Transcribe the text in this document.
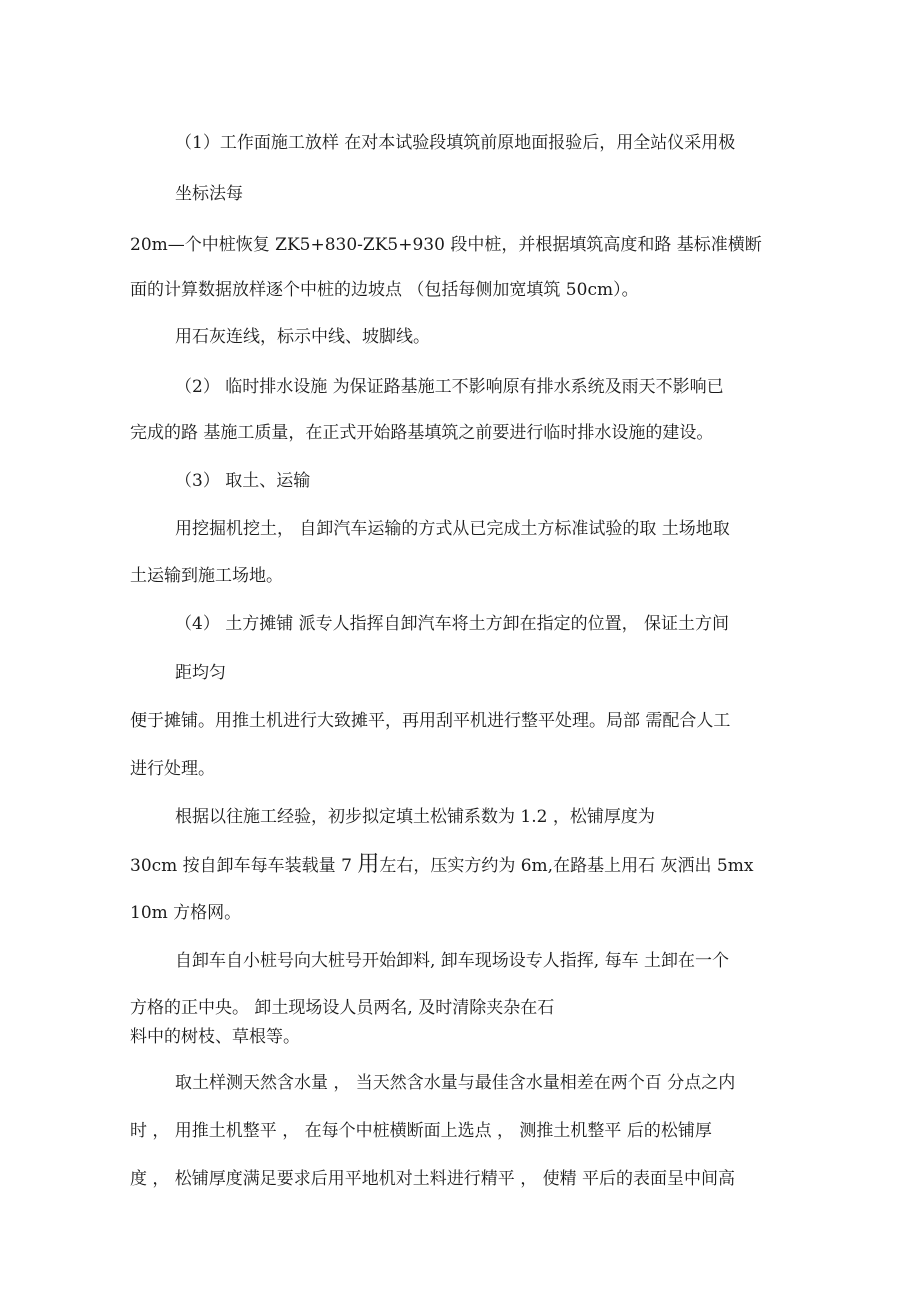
（1）工作面施工放样 在对本试验段填筑前原地面报验后，用全站仪采用极
坐标法每
20m—个中桩恢复 ZK5+830-ZK5+930 段中桩，并根据填筑高度和路 基标准横断
面的计算数据放样逐个中桩的边坡点 （包括每侧加宽填筑 50cm）。
用石灰连线，标示中线、坡脚线。
（2） 临时排水设施 为保证路基施工不影响原有排水系统及雨天不影响已
完成的路 基施工质量，在正式开始路基填筑之前要进行临时排水设施的建设。
（3） 取土、运输
用挖掘机挖土， 自卸汽车运输的方式从已完成土方标准试验的取 土场地取
土运输到施工场地。
（4） 土方摊铺 派专人指挥自卸汽车将土方卸在指定的位置， 保证土方间
距均匀
便于摊铺。用推土机进行大致摊平，再用刮平机进行整平处理。局部 需配合人工
进行处理。
根据以往施工经验，初步拟定填土松铺系数为 1.2 ，松铺厚度为
30cm 按自卸车每车装载量 7 用左右，压实方约为 6m,在路基上用石 灰洒出 5mx
10m 方格网。
自卸车自小桩号向大桩号开始卸料, 卸车现场设专人指挥, 每车 土卸在一个
方格的正中央。 卸土现场设人员两名, 及时清除夹杂在石
料中的树枝、草根等。
取土样测天然含水量 ， 当天然含水量与最佳含水量相差在两个百 分点之内
时 ， 用推土机整平 ， 在每个中桩横断面上选点 ， 测推土机整平 后的松铺厚
度 ， 松铺厚度满足要求后用平地机对土料进行精平 ， 使精 平后的表面呈中间高
